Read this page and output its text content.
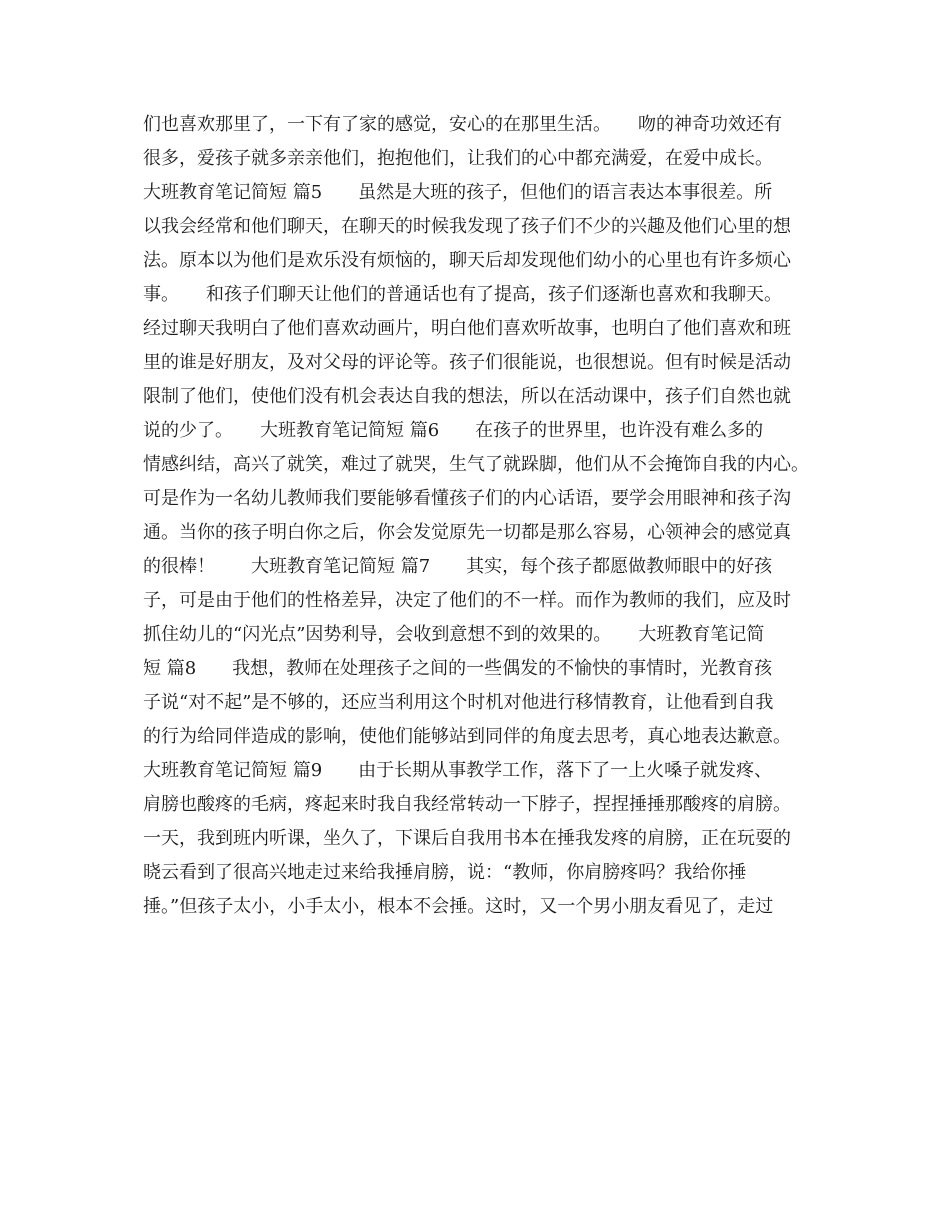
们也喜欢那里了，一下有了家的感觉，安心的在那里生活。　　吻的神奇功效还有
很多，爱孩子就多亲亲他们，抱抱他们，让我们的心中都充满爱，在爱中成长。
大班教育笔记简短 篇5　　虽然是大班的孩子，但他们的语言表达本事很差。所
以我会经常和他们聊天，在聊天的时候我发现了孩子们不少的兴趣及他们心里的想
法。原本以为他们是欢乐没有烦恼的，聊天后却发现他们幼小的心里也有许多烦心
事。　　和孩子们聊天让他们的普通话也有了提高，孩子们逐渐也喜欢和我聊天。
经过聊天我明白了他们喜欢动画片，明白他们喜欢听故事，也明白了他们喜欢和班
里的谁是好朋友，及对父母的评论等。孩子们很能说，也很想说。但有时候是活动
限制了他们，使他们没有机会表达自我的想法，所以在活动课中，孩子们自然也就
说的少了。　　大班教育笔记简短 篇6　　在孩子的世界里，也许没有难么多的
情感纠结，高兴了就笑，难过了就哭，生气了就跺脚，他们从不会掩饰自我的内心。
可是作为一名幼儿教师我们要能够看懂孩子们的内心话语，要学会用眼神和孩子沟
通。当你的孩子明白你之后，你会发觉原先一切都是那么容易，心领神会的感觉真
的很棒！　　大班教育笔记简短 篇7　　其实，每个孩子都愿做教师眼中的好孩
子，可是由于他们的性格差异，决定了他们的不一样。而作为教师的我们，应及时
抓住幼儿的“闪光点”因势利导，会收到意想不到的效果的。　　大班教育笔记简
短 篇8　　我想，教师在处理孩子之间的一些偶发的不愉快的事情时，光教育孩
子说“对不起”是不够的，还应当利用这个时机对他进行移情教育，让他看到自我
的行为给同伴造成的影响，使他们能够站到同伴的角度去思考，真心地表达歉意。
大班教育笔记简短 篇9　　由于长期从事教学工作，落下了一上火嗓子就发疼、
肩膀也酸疼的毛病，疼起来时我自我经常转动一下脖子，捏捏捶捶那酸疼的肩膀。
一天，我到班内听课，坐久了，下课后自我用书本在捶我发疼的肩膀，正在玩耍的
晓云看到了很高兴地走过来给我捶肩膀，说：“教师，你肩膀疼吗？我给你捶
捶。”但孩子太小，小手太小，根本不会捶。这时，又一个男小朋友看见了，走过
